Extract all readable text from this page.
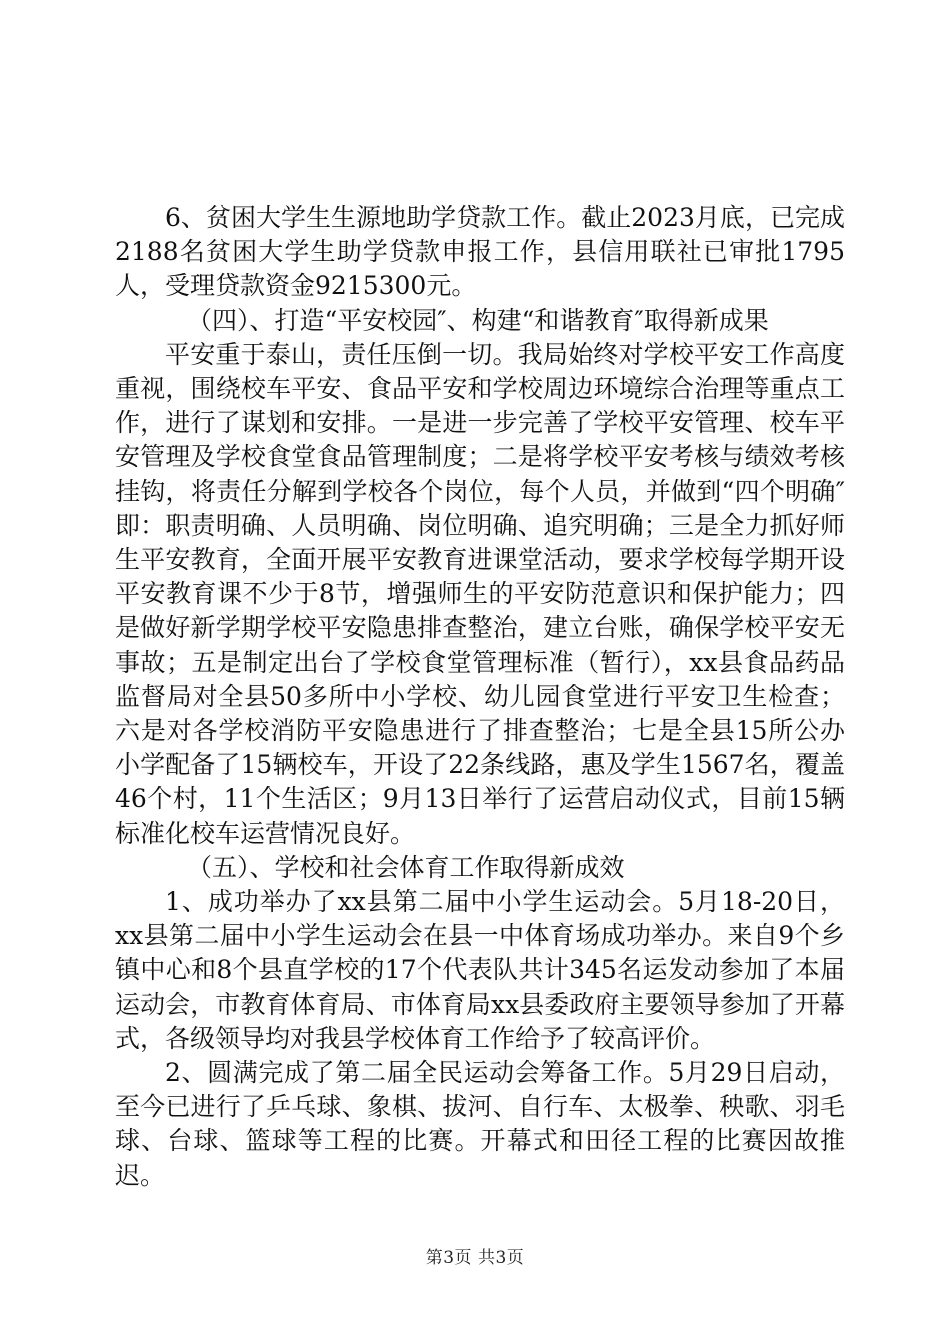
6、贫困大学生生源地助学贷款工作。截止2023月底，已完成2188名贫困大学生助学贷款申报工作，县信用联社已审批1795人，受理贷款资金9215300元。

（四）、打造“平安校园″、构建“和谐教育″取得新成果

平安重于泰山，责任压倒一切。我局始终对学校平安工作高度重视，围绕校车平安、食品平安和学校周边环境综合治理等重点工作，进行了谋划和安排。一是进一步完善了学校平安管理、校车平安管理及学校食堂食品管理制度；二是将学校平安考核与绩效考核挂钩，将责任分解到学校各个岗位，每个人员，并做到“四个明确″即：职责明确、人员明确、岗位明确、追究明确；三是全力抓好师生平安教育，全面开展平安教育进课堂活动，要求学校每学期开设平安教育课不少于8节，增强师生的平安防范意识和保护能力；四是做好新学期学校平安隐患排查整治，建立台账，确保学校平安无事故；五是制定出台了学校食堂管理标准（暂行），xx县食品药品监督局对全县50多所中小学校、幼儿园食堂进行平安卫生检查；六是对各学校消防平安隐患进行了排查整治；七是全县15所公办小学配备了15辆校车，开设了22条线路，惠及学生1567名，覆盖46个村，11个生活区；9月13日举行了运营启动仪式，目前15辆标准化校车运营情况良好。

（五）、学校和社会体育工作取得新成效

1、成功举办了xx县第二届中小学生运动会。5月18-20日，xx县第二届中小学生运动会在县一中体育场成功举办。来自9个乡镇中心和8个县直学校的17个代表队共计345名运发动参加了本届运动会，市教育体育局、市体育局xx县委政府主要领导参加了开幕式，各级领导均对我县学校体育工作给予了较高评价。

2、圆满完成了第二届全民运动会筹备工作。5月29日启动，至今已进行了乒乓球、象棋、拔河、自行车、太极拳、秧歌、羽毛球、台球、篮球等工程的比赛。开幕式和田径工程的比赛因故推迟。

第3页 共3页
